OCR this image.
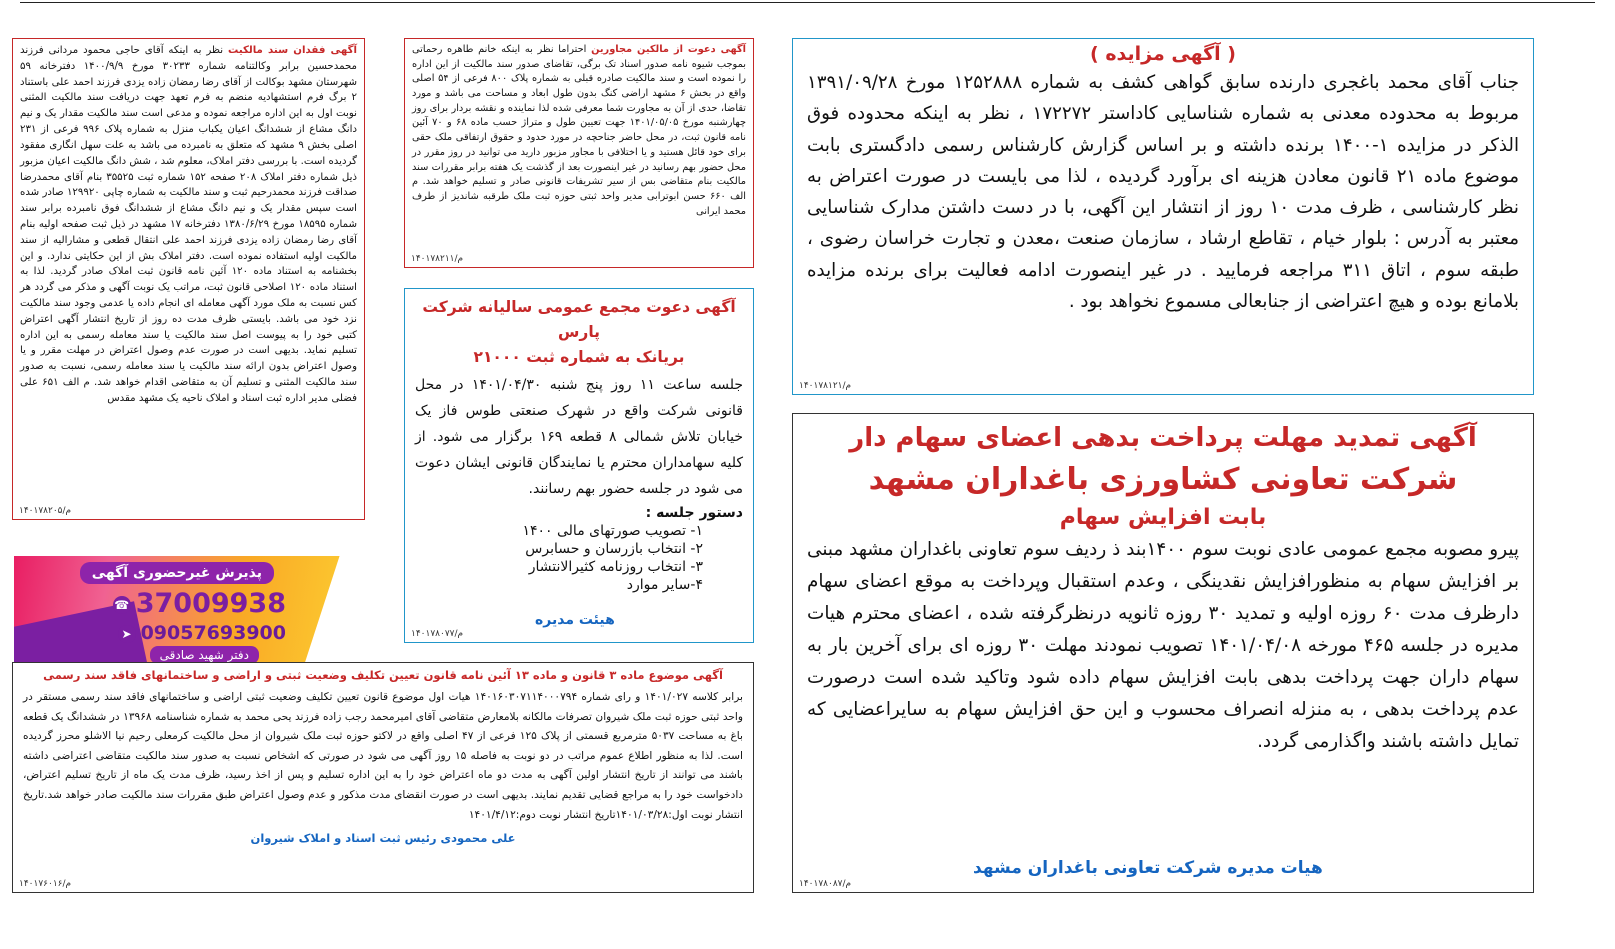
آگهی فقدان سند مالکیت نظر به اینکه آقای حاجی محمود مردانی فرزند محمدحسین برابر وکالتنامه شماره ۳۰۲۳۳ مورخ ۱۴۰۰/۹/۹ دفترخانه ۵۹ شهرستان مشهد بوکالت از آقای رضا رمضان زاده یزدی فرزند احمد علی باستناد ۲ برگ فرم استشهادیه منضم به فرم تعهد جهت دریافت سند مالکیت المثنی نوبت اول به این اداره مراجعه نموده و مدعی است سند مالکیت مقدار یک و نیم دانگ مشاع از ششدانگ اعیان یکباب منزل به شماره پلاک ۹۹۶ فرعی از ۲۳۱ اصلی بخش ۹ مشهد که متعلق به نامبرده می باشد به علت سهل انگاری مفقود گردیده است. با بررسی دفتر املاک، معلوم شد ، شش دانگ مالکیت اعیان مزبور ذیل شماره دفتر املاک ۲۰۸ صفحه ۱۵۲ شماره ثبت ۳۵۵۲۵ بنام آقای محمدرضا صداقت فرزند محمدرحیم ثبت و سند مالکیت به شماره چاپی ۱۲۹۹۲۰ صادر شده است سپس مقدار یک و نیم دانگ مشاع از ششدانگ فوق نامبرده برابر سند شماره ۱۸۵۹۵ مورخ ۱۳۸۰/۶/۲۹ دفترخانه ۱۷ مشهد در ذیل ثبت صفحه اولیه بنام آقای رضا رمضان زاده یزدی فرزند احمد علی انتقال قطعی و مشارالیه از سند مالکیت اولیه استفاده نموده است. دفتر املاک بش از این حکایتی ندارد. و این بخشنامه به استناد ماده ۱۲۰ آئین نامه قانون ثبت املاک صادر گردید. لذا به استناد ماده ۱۲۰ اصلاحی قانون ثبت، مراتب یک نوبت آگهی و مذکر می گردد هر کس نسبت به ملک مورد آگهی معامله ای انجام داده یا عدمی وجود سند مالکیت نزد خود می باشد. بایستی ظرف مدت ده روز از تاریخ انتشار آگهی اعتراض کتبی خود را به پیوست اصل سند مالکیت یا سند معامله رسمی به این اداره تسلیم نماید. بدیهی است در صورت عدم وصول اعتراض در مهلت مقرر و یا وصول اعتراض بدون ارائه سند مالکیت یا سند معامله رسمی، نسبت به صدور سند مالکیت المثنی و تسلیم آن به متقاضی اقدام خواهد شد. م الف ۶۵۱ علی فضلی مدیر اداره ثبت اسناد و املاک ناحیه یک مشهد مقدس

م/۱۴۰۱۷۸۲۰۵

آگهی دعوت از مالکین مجاورین احتراما نظر به اینکه خانم طاهره رحماتی بموجب شیوه نامه صدور اسناد تک برگی، تقاضای صدور سند مالکیت از این اداره را نموده است و سند مالکیت صادره قبلی به شماره پلاک ۸۰۰ فرعی از ۵۴ اصلی واقع در بخش ۶ مشهد اراضی کنگ بدون طول ابعاد و مساحت می باشد و مورد تقاضا، حدی از آن به مجاورت شما معرفی شده لذا نماینده و نقشه بردار برای روز چهارشنبه مورخ ۱۴۰۱/۰۵/۰۵ جهت تعیین طول و متراژ حسب ماده ۶۸ و ۷۰ آئین نامه قانون ثبت، در محل حاضر جناحچه در مورد حدود و حقوق ارتفاقی ملک حقی برای خود قائل هستید و یا اختلافی با مجاور مزبور دارید می توانید در روز مقرر در محل حضور بهم رسانید در غیر اینصورت بعد از گذشت یک هفته برابر مقررات سند مالکیت بنام متقاضی بس از سیر تشریفات قانونی صادر و تسلیم خواهد شد. م الف ۶۶۰ حسن ابوترابی مدیر واحد ثبتی حوزه ثبت ملک طرقبه شاندیز از طرف محمد ایرانی

م/۱۴۰۱۷۸۲۱۱
آگهی دعوت مجمع عمومی سالیانه شرکت پارس
بریانک به شماره ثبت ۲۱۰۰۰

جلسه ساعت ۱۱ روز پنج شنبه ۱۴۰۱/۰۴/۳۰ در محل قانونی شرکت واقع در شهرک صنعتی طوس فاز یک خیابان تلاش شمالی ۸ قطعه ۱۶۹ برگزار می شود. از کلیه سهامداران محترم یا نمایندگان قانونی ایشان دعوت می شود در جلسه حضور بهم رسانند.

دستور جلسه :
۱- تصویب صورتهای مالی ۱۴۰۰
۲- انتخاب بازرسان و حسابرس
۳- انتخاب روزنامه کثیرالانتشار
۴-سایر موارد
هیئت مدیره
م/۱۴۰۱۷۸۰۷۷
( آگهی مزایده )

جناب آقای محمد باغجری دارنده سابق گواهی کشف به شماره ۱۲۵۲۸۸۸ مورخ ۱۳۹۱/۰۹/۲۸ مربوط به محدوده معدنی به شماره شناسایی کاداستر ۱۷۲۲۷۲ ، نظر به اینکه محدوده فوق الذکر در مزایده ۱-۱۴۰۰ برنده داشته و بر اساس گزارش کارشناس رسمی دادگستری بابت موضوع ماده ۲۱ قانون معادن هزینه ای برآورد گردیده ، لذا می بایست در صورت اعتراض به نظر کارشناسی ، ظرف مدت ۱۰ روز از انتشار این آگهی، با در دست داشتن مدارک شناسایی معتبر به آدرس : بلوار خیام ، تقاطع ارشاد ، سازمان صنعت ،معدن و تجارت خراسان رضوی ، طبقه سوم ، اتاق ۳۱۱ مراجعه فرمایید . در غیر اینصورت ادامه فعالیت برای برنده مزایده بلامانع بوده و هیچ اعتراضی از جنابعالی مسموع نخواهد بود .

م/۱۴۰۱۷۸۱۲۱
آگهی تمدید مهلت پرداخت بدهی اعضای سهام دار
شرکت تعاونی کشاورزی باغداران مشهد
بابت افزایش سهام

پیرو مصوبه مجمع عمومی عادی نوبت سوم ۱۴۰۰بند ذ ردیف سوم تعاونی باغداران مشهد مبنی بر افزایش سهام به منظورافزایش نقدینگی ، وعدم استقبال وپرداخت به موقع اعضای سهام دارظرف مدت ۶۰ روزه اولیه و تمدید ۳۰ روزه ثانویه درنظرگرفته شده ، اعضای محترم هیات مدیره در جلسه ۴۶۵ مورخه ۱۴۰۱/۰۴/۰۸ تصویب نمودند مهلت ۳۰ روزه ای برای آخرین بار به سهام داران جهت پرداخت بدهی بابت افزایش سهام داده شود وتاکید شده است درصورت عدم پرداخت بدهی ، به منزله انصراف محسوب و این حق افزایش سهام به سایراعضایی که تمایل داشته باشند واگذارمی گردد.

هیات مدیره شرکت تعاونی باغداران مشهد
م/۱۴۰۱۷۸۰۸۷
پذیرش غیرحضوری آگهی
☎ 37009938
➤ 09057693900
دفتر شهید صادقی
آگهی موضوع ماده ۳ قانون و ماده ۱۳ آئین نامه قانون تعیین تکلیف وضعیت ثبتی و اراضی و ساختمانهای فاقد سند رسمی

برابر کلاسه ۱۴۰۱/۰۲۷ و رای شماره ۱۴۰۱۶۰۳۰۷۱۱۴۰۰۰۷۹۴ هیات اول موضوع قانون تعیین تکلیف وضعیت ثبتی اراضی و ساختمانهای فاقد سند رسمی مستقر در واحد ثبتی حوزه ثبت ملک شیروان تصرفات مالکانه بلامعارض متقاضی آقای امیرمحمد رجب زاده فرزند یحی محمد به شماره شناسنامه ۱۳۹۶۸ در ششدانگ یک قطعه باغ به مساحت ۵۰۳۷ مترمربع قسمتی از پلاک ۱۲۵ فرعی از ۴۷ اصلی واقع در لاکتو حوزه ثبت ملک شیروان از محل مالکیت کرمعلی رحیم نیا الاشلو محرز گردیده است. لذا به منظور اطلاع عموم مراتب در دو نوبت به فاصله ۱۵ روز آگهی می شود در صورتی که اشخاص نسبت به صدور سند مالکیت متقاضی اعتراضی داشته باشند می توانند از تاریخ انتشار اولین آگهی به مدت دو ماه اعتراض خود را به این اداره تسلیم و پس از اخذ رسید، ظرف مدت یک ماه از تاریخ تسلیم اعتراض، دادخواست خود را به مراجع قضایی تقدیم نمایند. بدیهی است در صورت انقضای مدت مذکور و عدم وصول اعتراض طبق مقررات سند مالکیت صادر خواهد شد.تاریخ انتشار نوبت اول:۱۴۰۱/۰۳/۲۸تاریخ انتشار نوبت دوم:۱۴۰۱/۴/۱۲

علی محمودی رئیس ثبت اسناد و املاک شیروان
م/۱۴۰۱۷۶۰۱۶
